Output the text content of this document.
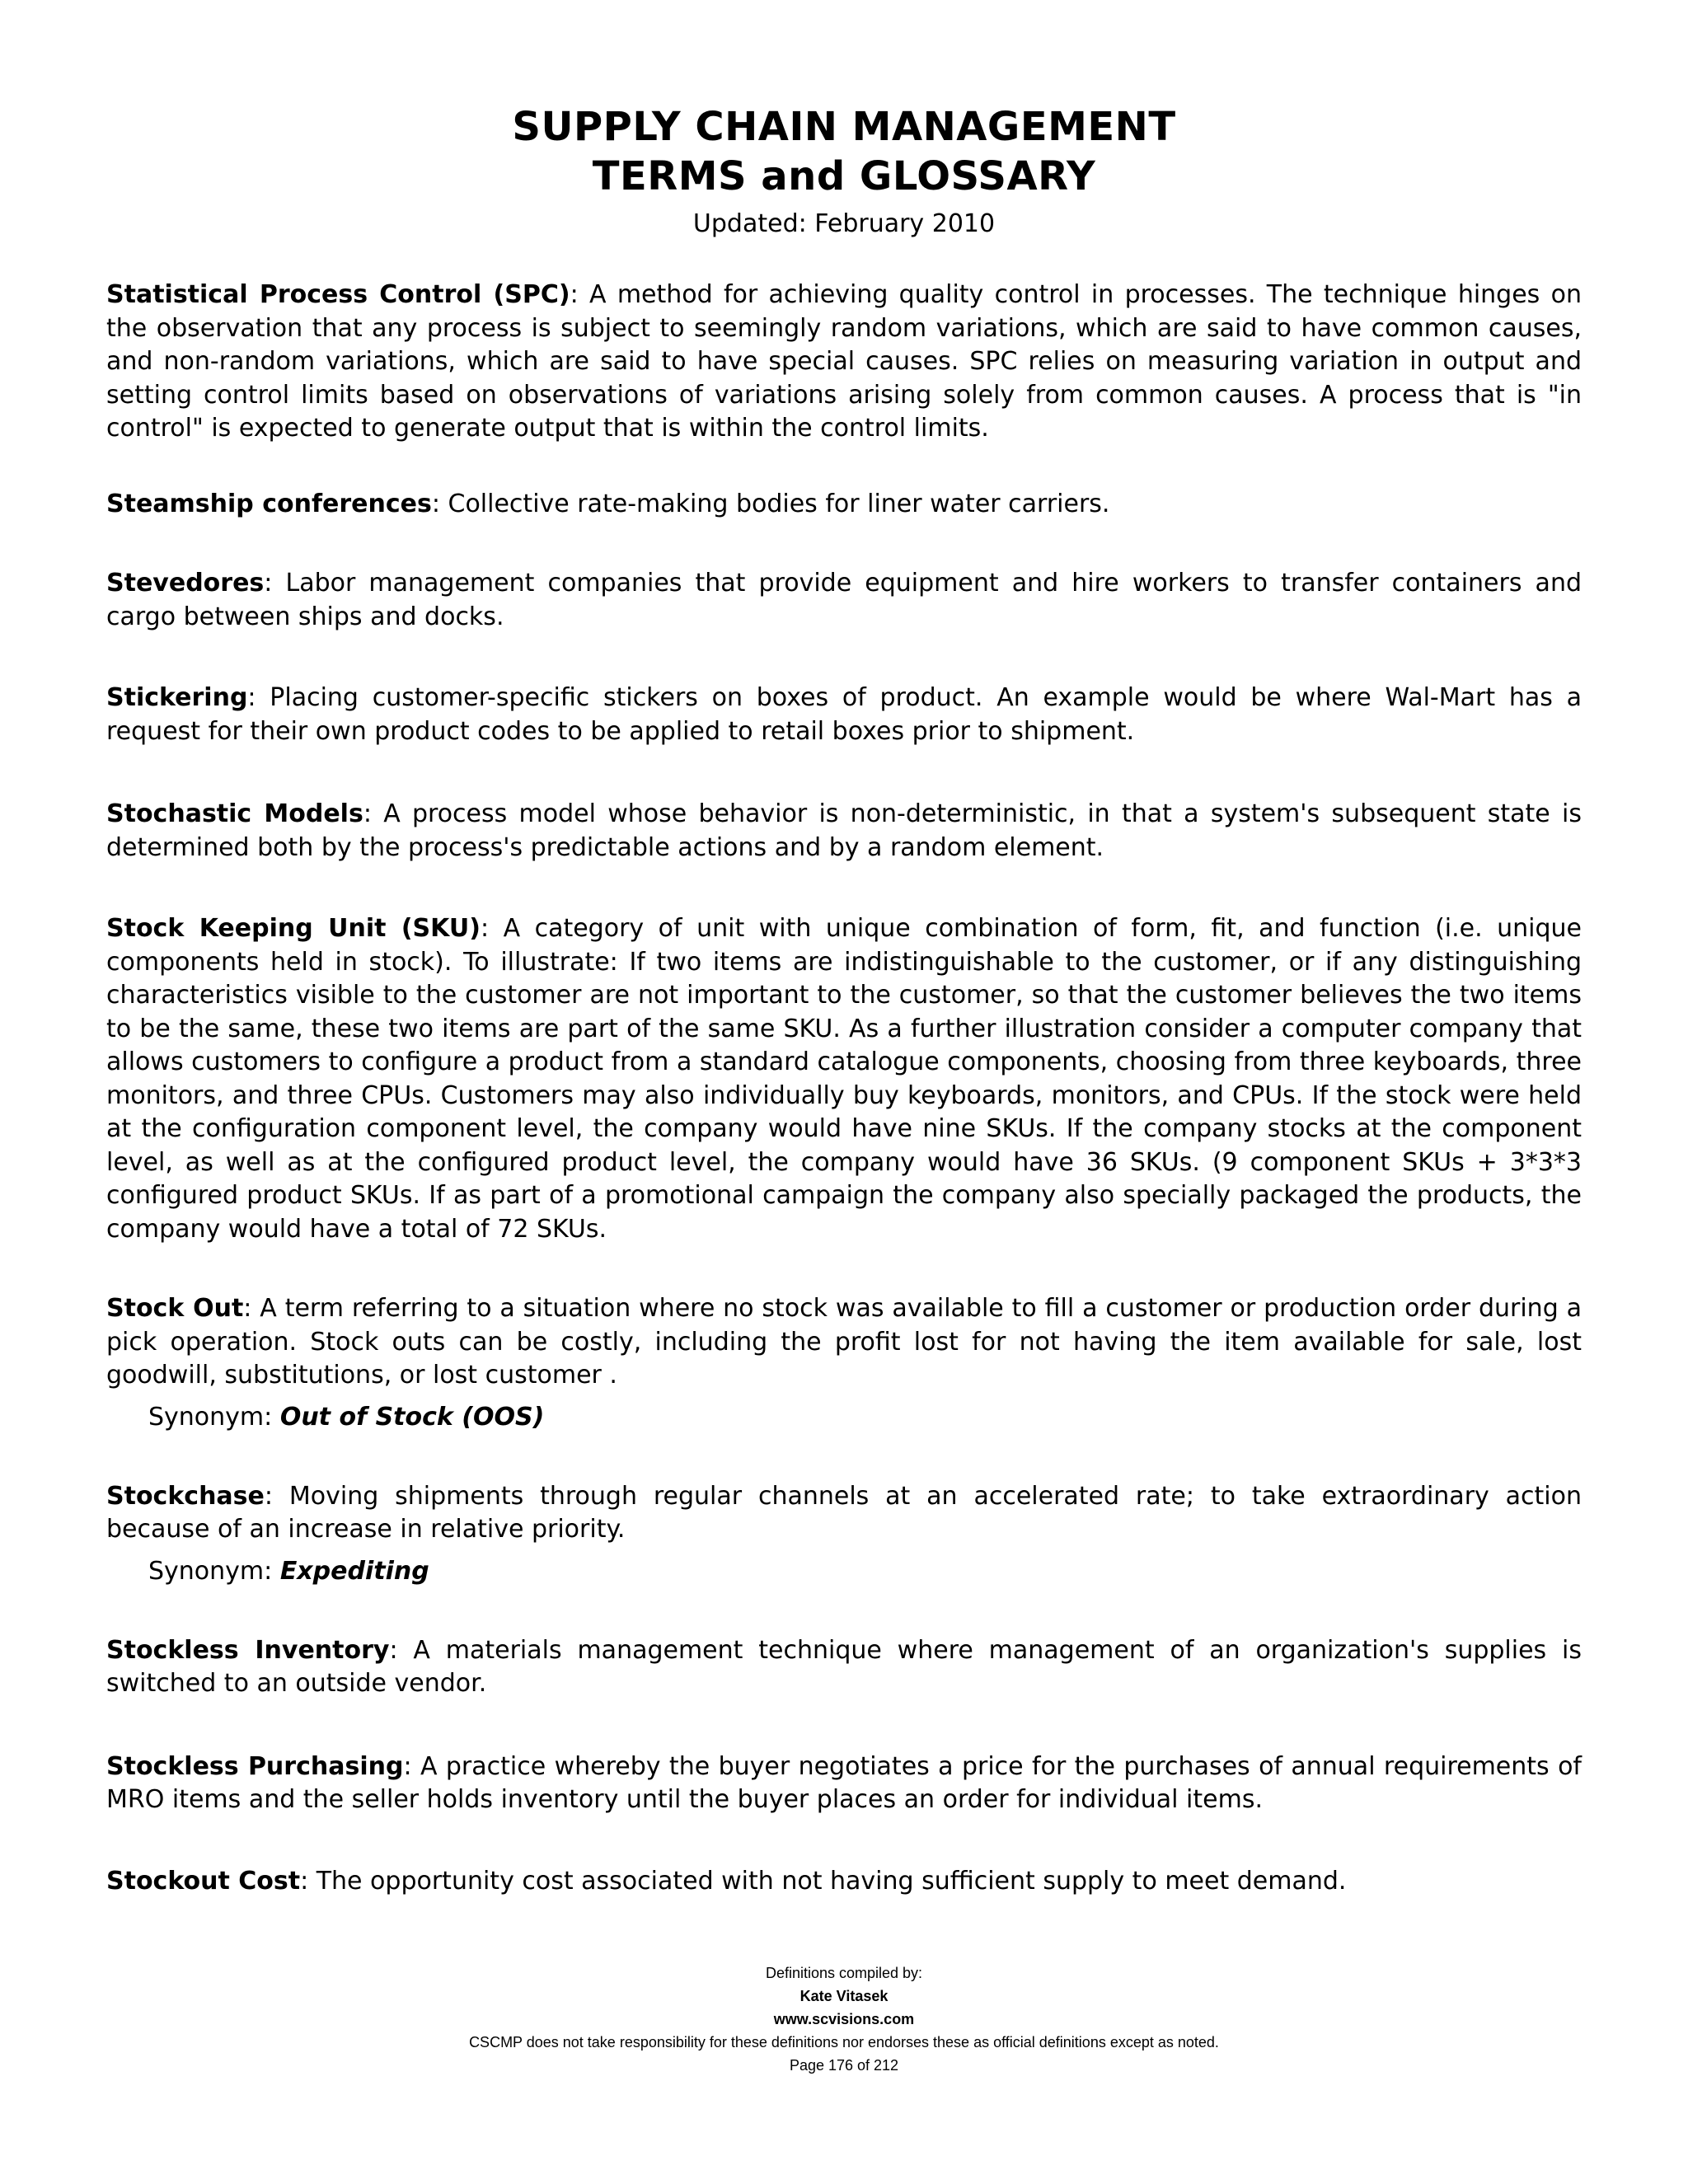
SUPPLY CHAIN MANAGEMENT
TERMS and GLOSSARY
Updated: February 2010

Statistical Process Control (SPC): A method for achieving quality control in processes. The technique hinges on the observation that any process is subject to seemingly random variations, which are said to have common causes, and non-random variations, which are said to have special causes. SPC relies on measuring variation in output and setting control limits based on observations of variations arising solely from common causes. A process that is "in control" is expected to generate output that is within the control limits.

Steamship conferences: Collective rate-making bodies for liner water carriers.

Stevedores: Labor management companies that provide equipment and hire workers to transfer containers and cargo between ships and docks.

Stickering: Placing customer-specific stickers on boxes of product. An example would be where Wal-Mart has a request for their own product codes to be applied to retail boxes prior to shipment.

Stochastic Models: A process model whose behavior is non-deterministic, in that a system's subsequent state is determined both by the process's predictable actions and by a random element.

Stock Keeping Unit (SKU): A category of unit with unique combination of form, fit, and function (i.e. unique components held in stock). To illustrate: If two items are indistinguishable to the customer, or if any distinguishing characteristics visible to the customer are not important to the customer, so that the customer believes the two items to be the same, these two items are part of the same SKU. As a further illustration consider a computer company that allows customers to configure a product from a standard catalogue components, choosing from three keyboards, three monitors, and three CPUs. Customers may also individually buy keyboards, monitors, and CPUs. If the stock were held at the configuration component level, the company would have nine SKUs. If the company stocks at the component level, as well as at the configured product level, the company would have 36 SKUs. (9 component SKUs + 3*3*3 configured product SKUs. If as part of a promotional campaign the company also specially packaged the products, the company would have a total of 72 SKUs.

Stock Out: A term referring to a situation where no stock was available to fill a customer or production order during a pick operation. Stock outs can be costly, including the profit lost for not having the item available for sale, lost goodwill, substitutions, or lost customer .

Synonym: Out of Stock (OOS)

Stockchase: Moving shipments through regular channels at an accelerated rate; to take extraordinary action because of an increase in relative priority.

Synonym: Expediting

Stockless Inventory: A materials management technique where management of an organization's supplies is switched to an outside vendor.

Stockless Purchasing: A practice whereby the buyer negotiates a price for the purchases of annual requirements of MRO items and the seller holds inventory until the buyer places an order for individual items.

Stockout Cost: The opportunity cost associated with not having sufficient supply to meet demand.

Definitions compiled by:
Kate Vitasek
www.scvisions.com
CSCMP does not take responsibility for these definitions nor endorses these as official definitions except as noted.
Page 176 of 212
